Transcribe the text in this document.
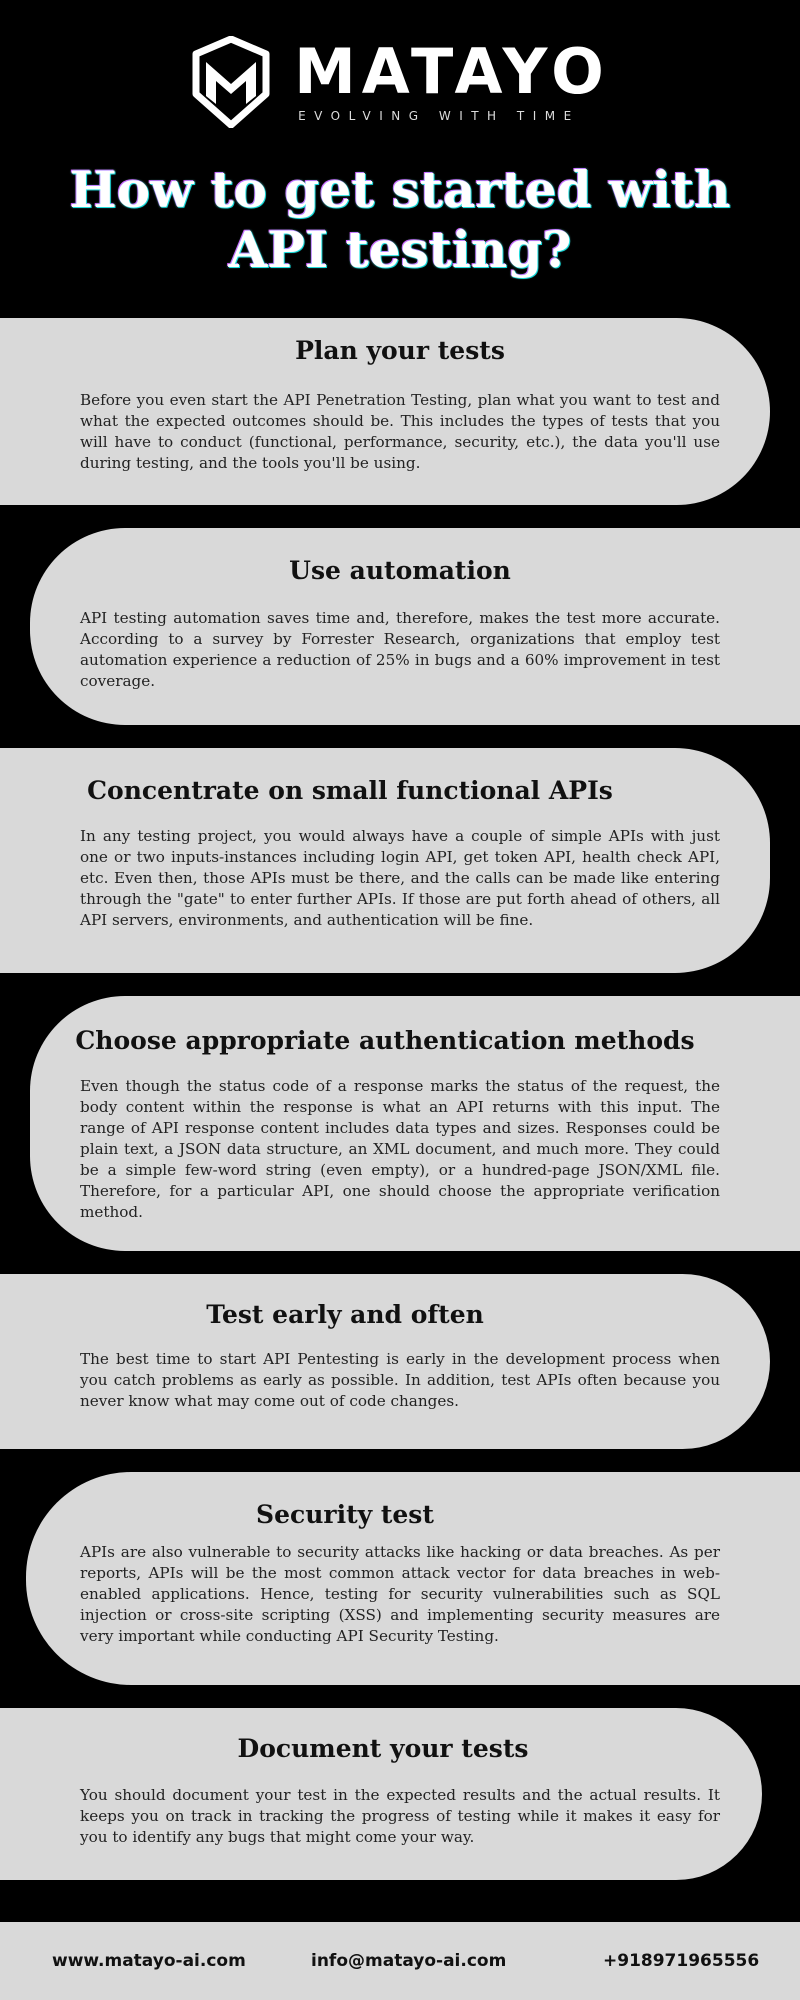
MATAYO
EVOLVING WITH TIME
How to get started with
API testing?
Plan your tests

Before you even start the API Penetration Testing, plan what you want to test and what the expected outcomes should be. This includes the types of tests that you will have to conduct (functional, performance, security, etc.), the data you'll use during testing, and the tools you'll be using.

Use automation

API testing automation saves time and, therefore, makes the test more accurate. According to a survey by Forrester Research, organizations that employ test automation experience a reduction of 25% in bugs and a 60% improvement in test coverage.

Concentrate on small functional APIs

In any testing project, you would always have a couple of simple APIs with just one or two inputs-instances including login API, get token API, health check API, etc. Even then, those APIs must be there, and the calls can be made like entering through the "gate" to enter further APIs. If those are put forth ahead of others, all API servers, environments, and authentication will be fine.

Choose appropriate authentication methods

Even though the status code of a response marks the status of the request, the body content within the response is what an API returns with this input. The range of API response content includes data types and sizes. Responses could be plain text, a JSON data structure, an XML document, and much more. They could be a simple few-word string (even empty), or a hundred-page JSON/XML file. Therefore, for a particular API, one should choose the appropriate verification method.

Test early and often

The best time to start API Pentesting is early in the development process when you catch problems as early as possible. In addition, test APIs often because you never know what may come out of code changes.

Security test

APIs are also vulnerable to security attacks like hacking or data breaches. As per reports, APIs will be the most common attack vector for data breaches in web-enabled applications. Hence, testing for security vulnerabilities such as SQL injection or cross-site scripting (XSS) and implementing security measures are very important while conducting API Security Testing.

Document your tests

You should document your test in the expected results and the actual results. It keeps you on track in tracking the progress of testing while it makes it easy for you to identify any bugs that might come your way.

www.matayo-ai.com	info@matayo-ai.com	+918971965556
